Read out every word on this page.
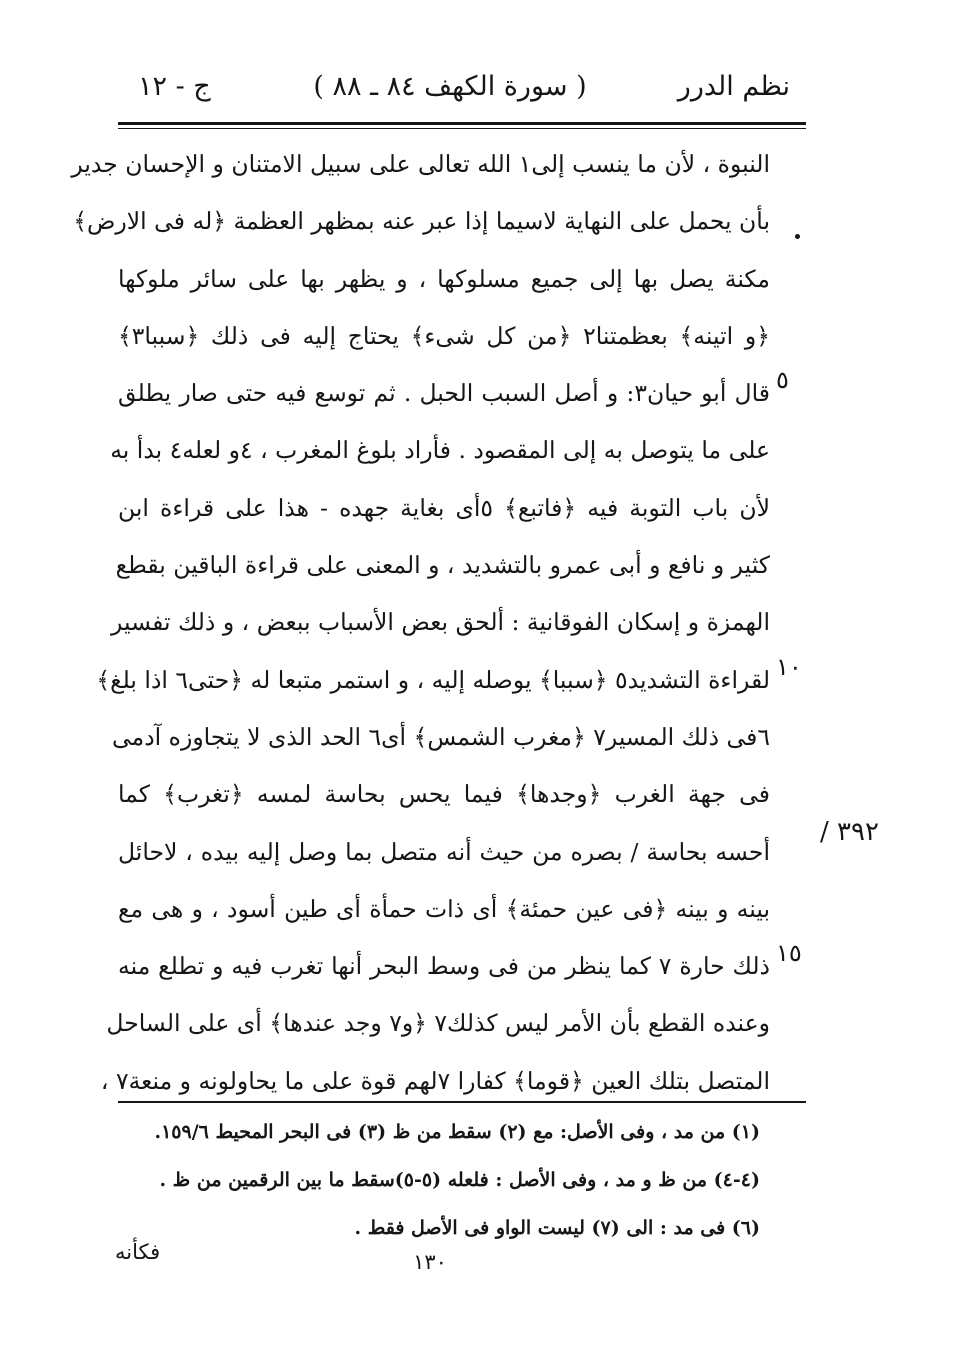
نظم الدرر
( سورة الكهف ٨٤ ـ ٨٨ )
ج - ١٢
النبوة ، لأن ما ينسب إلى١ الله تعالى على سبيل الامتنان و الإحسان جدير
بأن يحمل على النهاية لاسيما إذا عبر عنه بمظهر العظمة ﴿له فى الارض﴾
مكنة يصل بها إلى جميع مسلوكها ، و يظهر بها على سائر ملوكها
﴿و اتينه﴾ بعظمتنا٢ ﴿من كل شىء﴾ يحتاج إليه فى ذلك ﴿سببا٣﴾
قال أبو حيان٣: و أصل السبب الحبل . ثم توسع فيه حتى صار يطلق
على ما يتوصل به إلى المقصود . فأراد بلوغ المغرب ، ٤و لعله٤ بدأ به
لأن باب التوبة فيه ﴿فاتبع﴾ ٥أى بغاية جهده - هذا على قراءة ابن
كثير و نافع و أبى عمرو بالتشديد ، و المعنى على قراءة الباقين بقطع
الهمزة و إسكان الفوقانية : ألحق بعض الأسباب ببعض ، و ذلك تفسير
لقراءة التشديد٥ ﴿سببا﴾ يوصله إليه ، و استمر متبعا له ﴿حتى٦ اذا بلغ﴾
٦فى ذلك المسير٧ ﴿مغرب الشمس﴾ أى٦ الحد الذى لا يتجاوزه آدمى
فى جهة الغرب ﴿وجدها﴾ فيما يحس بحاسة لمسه ﴿تغرب﴾ كما
أحسه بحاسة / بصره من حيث أنه متصل بما وصل إليه بيده ، لاحائل
بينه و بينه ﴿فى عين حمئة﴾ أى ذات حمأة أى طين أسود ، و هى مع
ذلك حارة ٧ كما ينظر من فى وسط البحر أنها تغرب فيه و تطلع منه
وعنده القطع بأن الأمر ليس كذلك٧ ﴿و٧ وجد عندها﴾ أى على الساحل
المتصل بتلك العين ﴿قوما﴾ كفارا ٧لهم قوة على ما يحاولونه و منعة٧ ،
٥
١٠
١٥
٣٩٢ /
(١) من مد ، وفى الأصل: مع (٢) سقط من ظ (٣) فى البحر المحيط ١٥٩/٦.
(٤-٤) من ظ و مد ، وفى الأصل : فلعله (٥-٥)سقط ما بين الرقمين من ظ .
(٦) فى مد : الى (٧) ليست الواو فى الأصل فقط .
فكأنه	١٣٠
